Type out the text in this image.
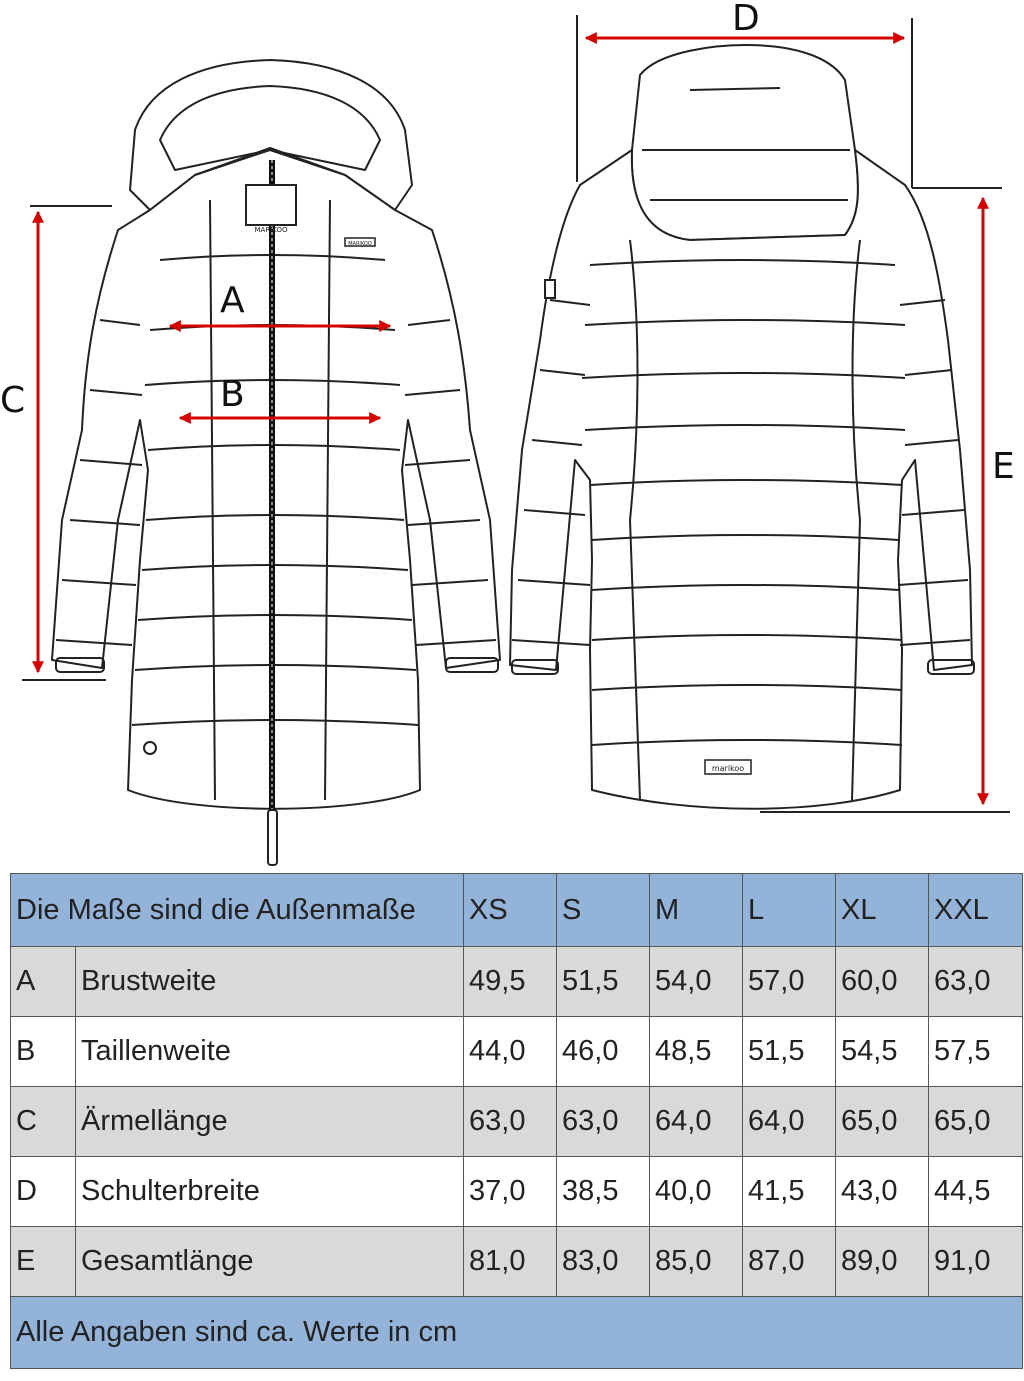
MARIKOO
MARIKOO
A
B
C
marikoo
D
E
Die Maße sind die Außenmaße		XS	S	M	L	XL	XXL
A	Brustweite	49,5	51,5	54,0	57,0	60,0	63,0
B	Taillenweite	44,0	46,0	48,5	51,5	54,5	57,5
C	Ärmellänge	63,0	63,0	64,0	64,0	65,0	65,0
D	Schulterbreite	37,0	38,5	40,0	41,5	43,0	44,5
E	Gesamtlänge	81,0	83,0	85,0	87,0	89,0	91,0
Alle Angaben sind ca. Werte in cm							
